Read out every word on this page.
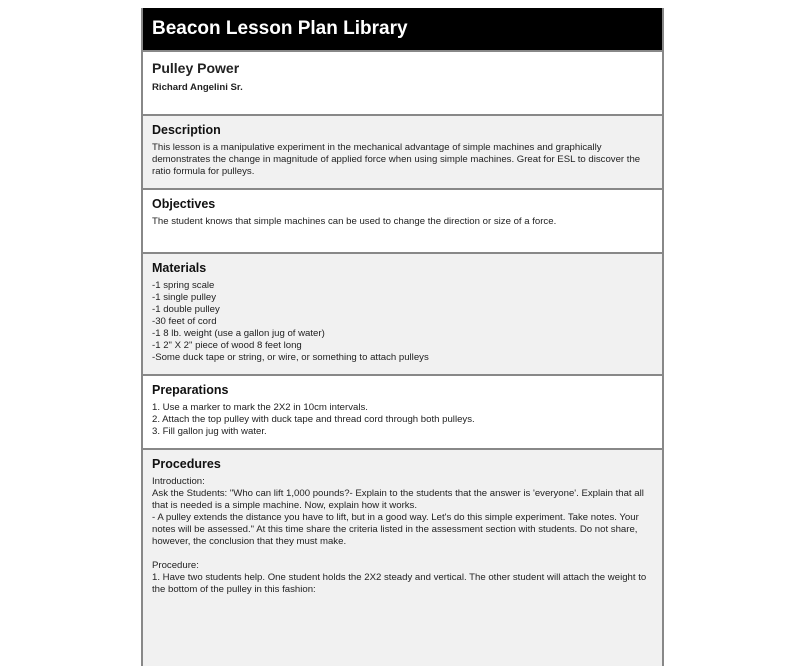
Beacon Lesson Plan Library
Pulley Power
Richard Angelini Sr.
Description

This lesson is a manipulative experiment in the mechanical advantage of simple machines and graphically demonstrates the change in magnitude of applied force when using simple machines. Great for ESL to discover the ratio formula for pulleys.

Objectives

The student knows that simple machines can be used to change the direction or size of a force.

Materials

-1 spring scale

-1 single pulley

-1 double pulley

-30 feet of cord

-1 8 lb. weight (use a gallon jug of water)

-1 2" X 2" piece of wood 8 feet long

-Some duck tape or string, or wire, or something to attach pulleys

Preparations

1. Use a marker to mark the 2X2 in 10cm intervals.

2. Attach the top pulley with duck tape and thread cord through both pulleys.

3. Fill gallon jug with water.

Procedures

Introduction:

Ask the Students: "Who can lift 1,000 pounds?- Explain to the students that the answer is 'everyone'. Explain that all that is needed is a simple machine. Now, explain how it works.

- A pulley extends the distance you have to lift, but in a good way. Let's do this simple experiment. Take notes. Your notes will be assessed." At this time share the criteria listed in the assessment section with students. Do not share, however, the conclusion that they must make.

Procedure:

1. Have two students help. One student holds the 2X2 steady and vertical. The other student will attach the weight to the bottom of the pulley in this fashion:
